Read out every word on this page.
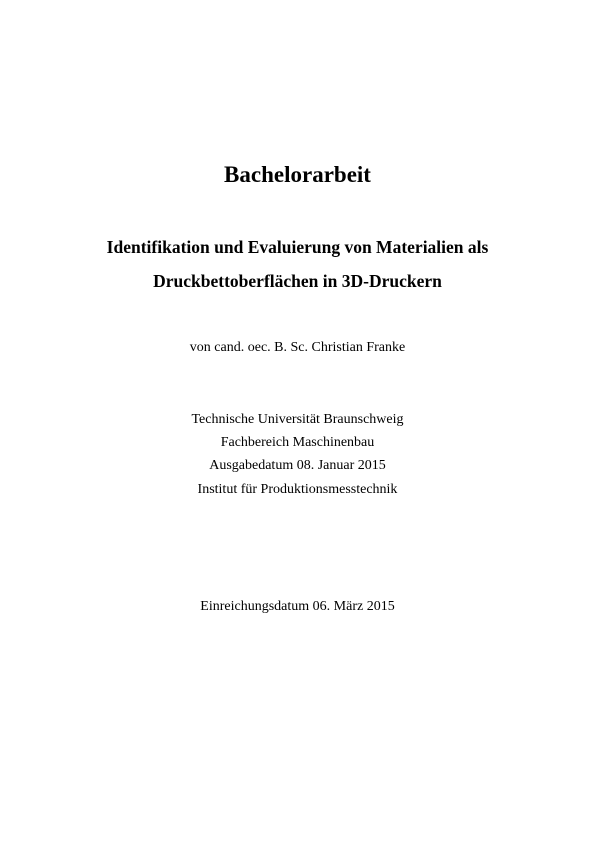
Bachelorarbeit
Identifikation und Evaluierung von Materialien als
Druckbettoberflächen in 3D-Druckern

von cand. oec. B. Sc. Christian Franke

Technische Universität Braunschweig

Fachbereich Maschinenbau

Ausgabedatum 08. Januar 2015

Institut für Produktionsmesstechnik

Einreichungsdatum 06. März 2015
